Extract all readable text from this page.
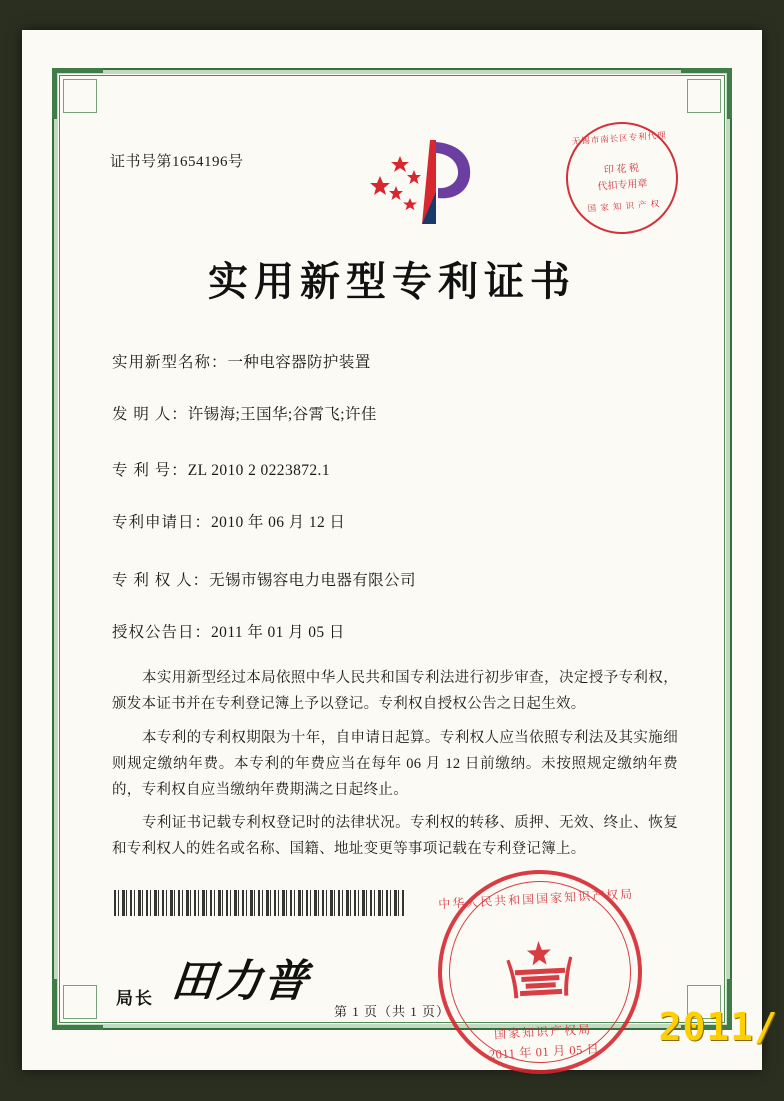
证书号第1654196号
无锡市南长区专利代理
印 花 税
代扣专用章
国 家 知 识 产 权
实用新型专利证书
实用新型名称：一种电容器防护装置
发 明 人：许锡海;王国华;谷霄飞;许佳
专 利 号：ZL 2010 2 0223872.1
专利申请日：2010 年 06 月 12 日
专 利 权 人：无锡市锡容电力电器有限公司
授权公告日：2011 年 01 月 05 日
本实用新型经过本局依照中华人民共和国专利法进行初步审查，决定授予专利权，颁发本证书并在专利登记簿上予以登记。专利权自授权公告之日起生效。
本专利的专利权期限为十年，自申请日起算。专利权人应当依照专利法及其实施细则规定缴纳年费。本专利的年费应当在每年 06 月 12 日前缴纳。未按照规定缴纳年费的，专利权自应当缴纳年费期满之日起终止。
专利证书记载专利权登记时的法律状况。专利权的转移、质押、无效、终止、恢复和专利权人的姓名或名称、国籍、地址变更等事项记载在专利登记簿上。
局长 田力普
中华人民共和国国家知识产权局
国家知识产权局
2011 年 01 月 05 日
第 1 页（共 1 页）	2011/
